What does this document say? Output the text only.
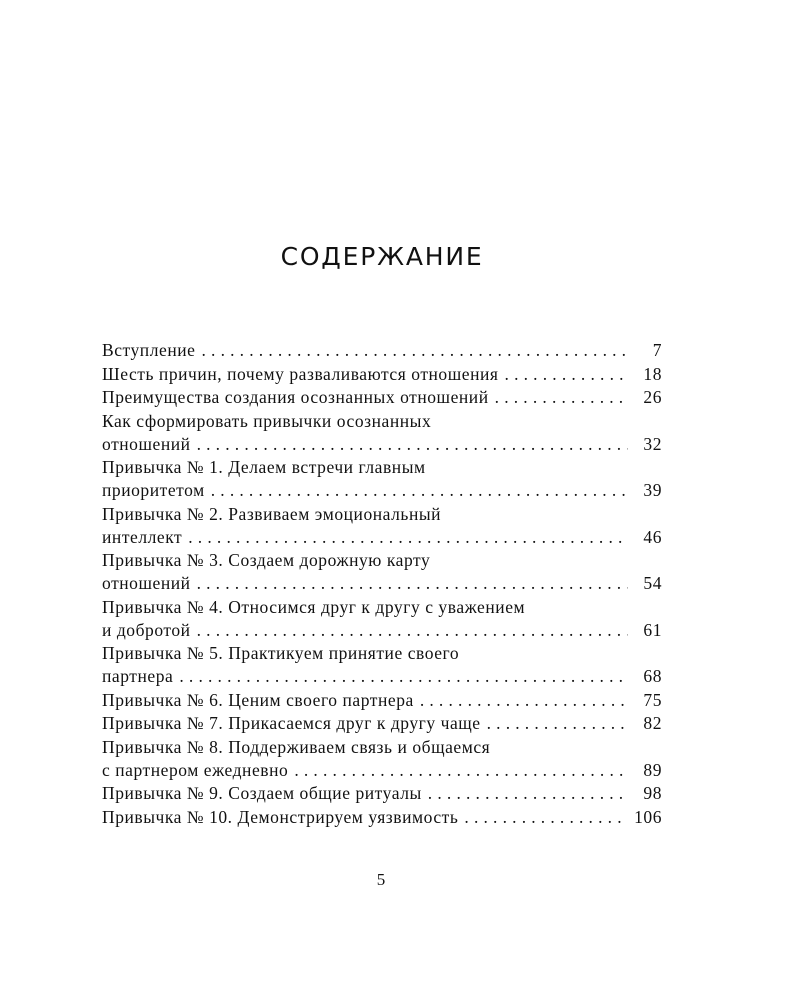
СОДЕРЖАНИЕ
Вступление . . .	7
Шесть причин, почему разваливаются отношения . . .	18
Преимущества создания осознанных отношений . . .	26
Как сформировать привычки осознанных
отношений . . .	32
Привычка № 1. Делаем встречи главным
приоритетом . . .	39
Привычка № 2. Развиваем эмоциональный
интеллект . . .	46
Привычка № 3. Создаем дорожную карту
отношений . . .	54
Привычка № 4. Относимся друг к другу с уважением
и добротой . . .	61
Привычка № 5. Практикуем принятие своего
партнера . . .	68
Привычка № 6. Ценим своего партнера . . .	75
Привычка № 7. Прикасаемся друг к другу чаще . . .	82
Привычка № 8. Поддерживаем связь и общаемся
с партнером ежедневно . . .	89
Привычка № 9. Создаем общие ритуалы . . .	98
Привычка № 10. Демонстрируем уязвимость . . .	106
5
